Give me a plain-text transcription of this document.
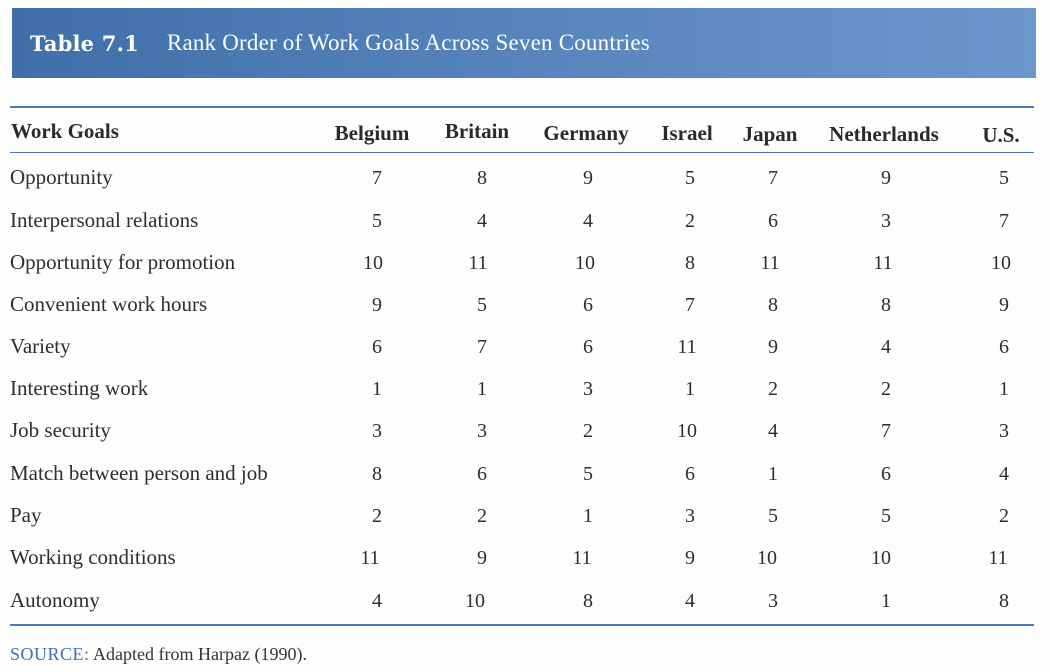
Table 7.1 Rank Order of Work Goals Across Seven Countries
Work Goals	Belgium Britain Germany Israel Japan Netherlands U.S.
Opportunity	7	8	9	5	7	9	5
Interpersonal relations	5	4	4	2	6	3	7
Opportunity for promotion	10	11	10	8	11	11	10
Convenient work hours	9	5	6	7	8	8	9
Variety	6	7	6	11	9	4	6
Interesting work	1	1	3	1	2	2	1
Job security	3	3	2	10	4	7	3
Match between person and job	8	6	5	6	1	6	4
Pay	2	2	1	3	5	5	2
Working conditions	11	9	11	9	10	10	11
Autonomy	4	10	8	4	3	1	8
SOURCE: Adapted from Harpaz (1990).
